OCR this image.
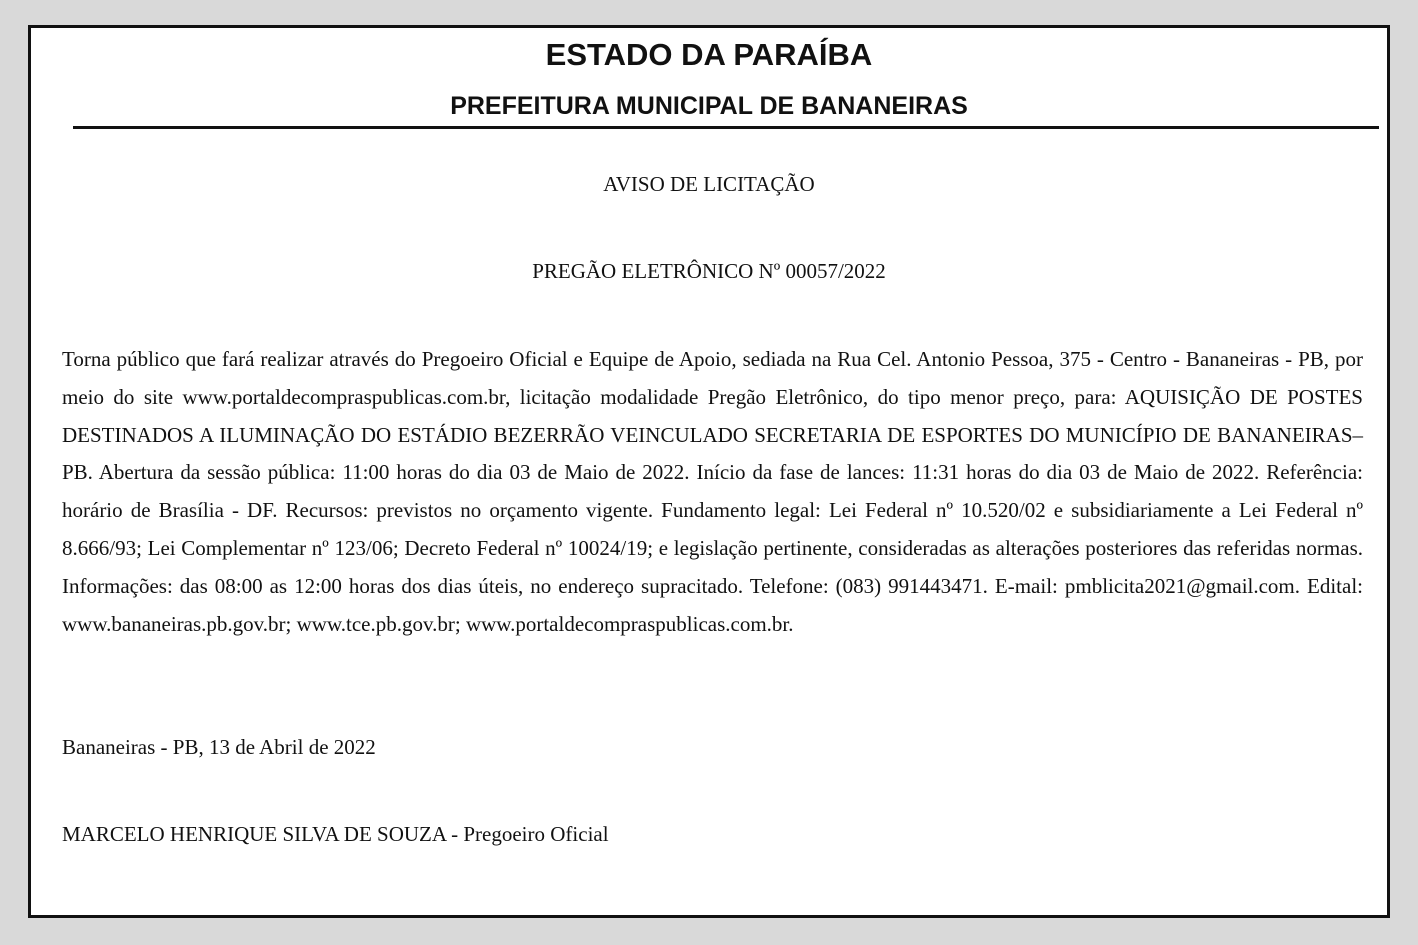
ESTADO DA PARAÍBA
PREFEITURA MUNICIPAL DE BANANEIRAS
AVISO DE LICITAÇÃO
PREGÃO ELETRÔNICO Nº 00057/2022

Torna público que fará realizar através do Pregoeiro Oficial e Equipe de Apoio, sediada na Rua Cel. Antonio Pessoa, 375 - Centro - Bananeiras - PB, por meio do site www.portaldecompraspublicas.com.br, licitação modalidade Pregão Eletrônico, do tipo menor preço, para: AQUISIÇÃO DE POSTES DESTINADOS A ILUMINAÇÃO DO ESTÁDIO BEZERRÃO VEINCULADO SECRETARIA DE ESPORTES DO MUNICÍPIO DE BANANEIRAS–PB. Abertura da sessão pública: 11:00 horas do dia 03 de Maio de 2022. Início da fase de lances: 11:31 horas do dia 03 de Maio de 2022. Referência: horário de Brasília - DF. Recursos: previstos no orçamento vigente. Fundamento legal: Lei Federal nº 10.520/02 e subsidiariamente a Lei Federal nº 8.666/93; Lei Complementar nº 123/06; Decreto Federal nº 10024/19; e legislação pertinente, consideradas as alterações posteriores das referidas normas. Informações: das 08:00 as 12:00 horas dos dias úteis, no endereço supracitado. Telefone: (083) 991443471. E-mail: pmblicita2021@gmail.com. Edital: www.bananeiras.pb.gov.br; www.tce.pb.gov.br; www.portaldecompraspublicas.com.br.

Bananeiras - PB, 13 de Abril de 2022
MARCELO HENRIQUE SILVA DE SOUZA - Pregoeiro Oficial
